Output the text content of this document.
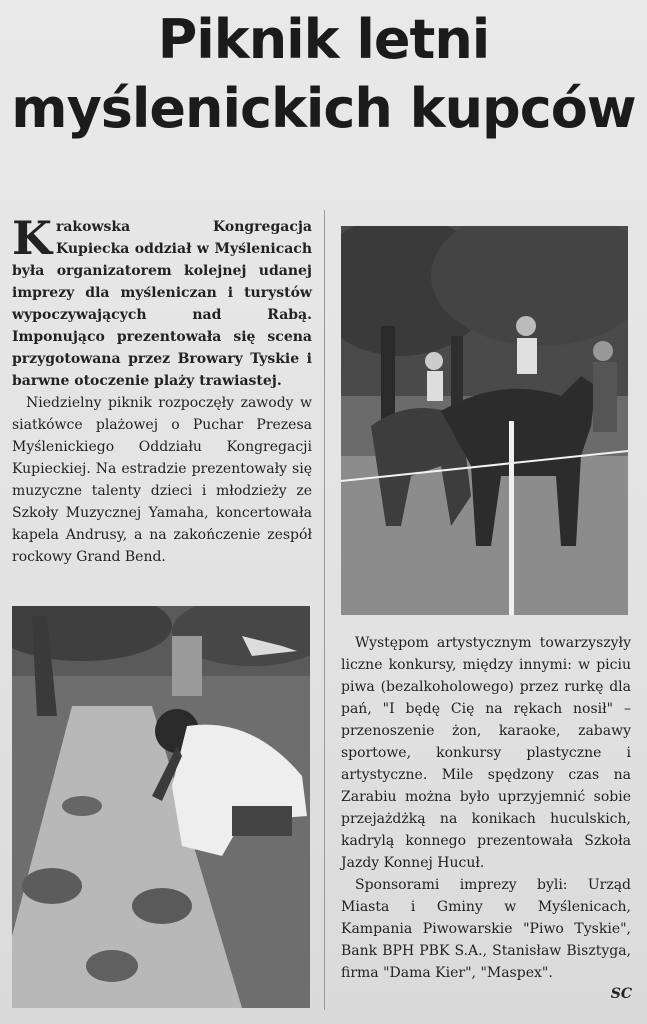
Piknik letni
myślenickich kupców

Krakowska Kongregacja Kupiecka oddział w Myślenicach była organizatorem kolejnej udanej imprezy dla myśleniczan i turystów wypoczywających nad Rabą. Imponująco prezentowała się scena przygotowana przez Browary Tyskie i barwne otoczenie plaży trawiastej.

Niedzielny piknik rozpoczęły zawody w siatkówce plażowej o Puchar Prezesa Myślenickiego Oddziału Kongregacji Kupieckiej. Na estradzie prezentowały się muzyczne talenty dzieci i młodzieży ze Szkoły Muzycznej Yamaha, koncertowała kapela Andrusy, a na zakończenie zespół rockowy Grand Bend.

Występom artystycznym towarzyszyły liczne konkursy, między innymi: w piciu piwa (bezalkoholowego) przez rurkę dla pań, "I będę Cię na rękach nosił" – przenoszenie żon, karaoke, zabawy sportowe, konkursy plastyczne i artystyczne. Mile spędzony czas na Zarabiu można było uprzyjemnić sobie przejażdżką na konikach huculskich, kadrylą konnego prezentowała Szkoła Jazdy Konnej Hucuł.

Sponsorami imprezy byli: Urząd Miasta i Gminy w Myślenicach, Kampania Piwowarskie "Piwo Tyskie", Bank BPH PBK S.A., Stanisław Bisztyga, firma "Dama Kier", "Maspex".

SC
